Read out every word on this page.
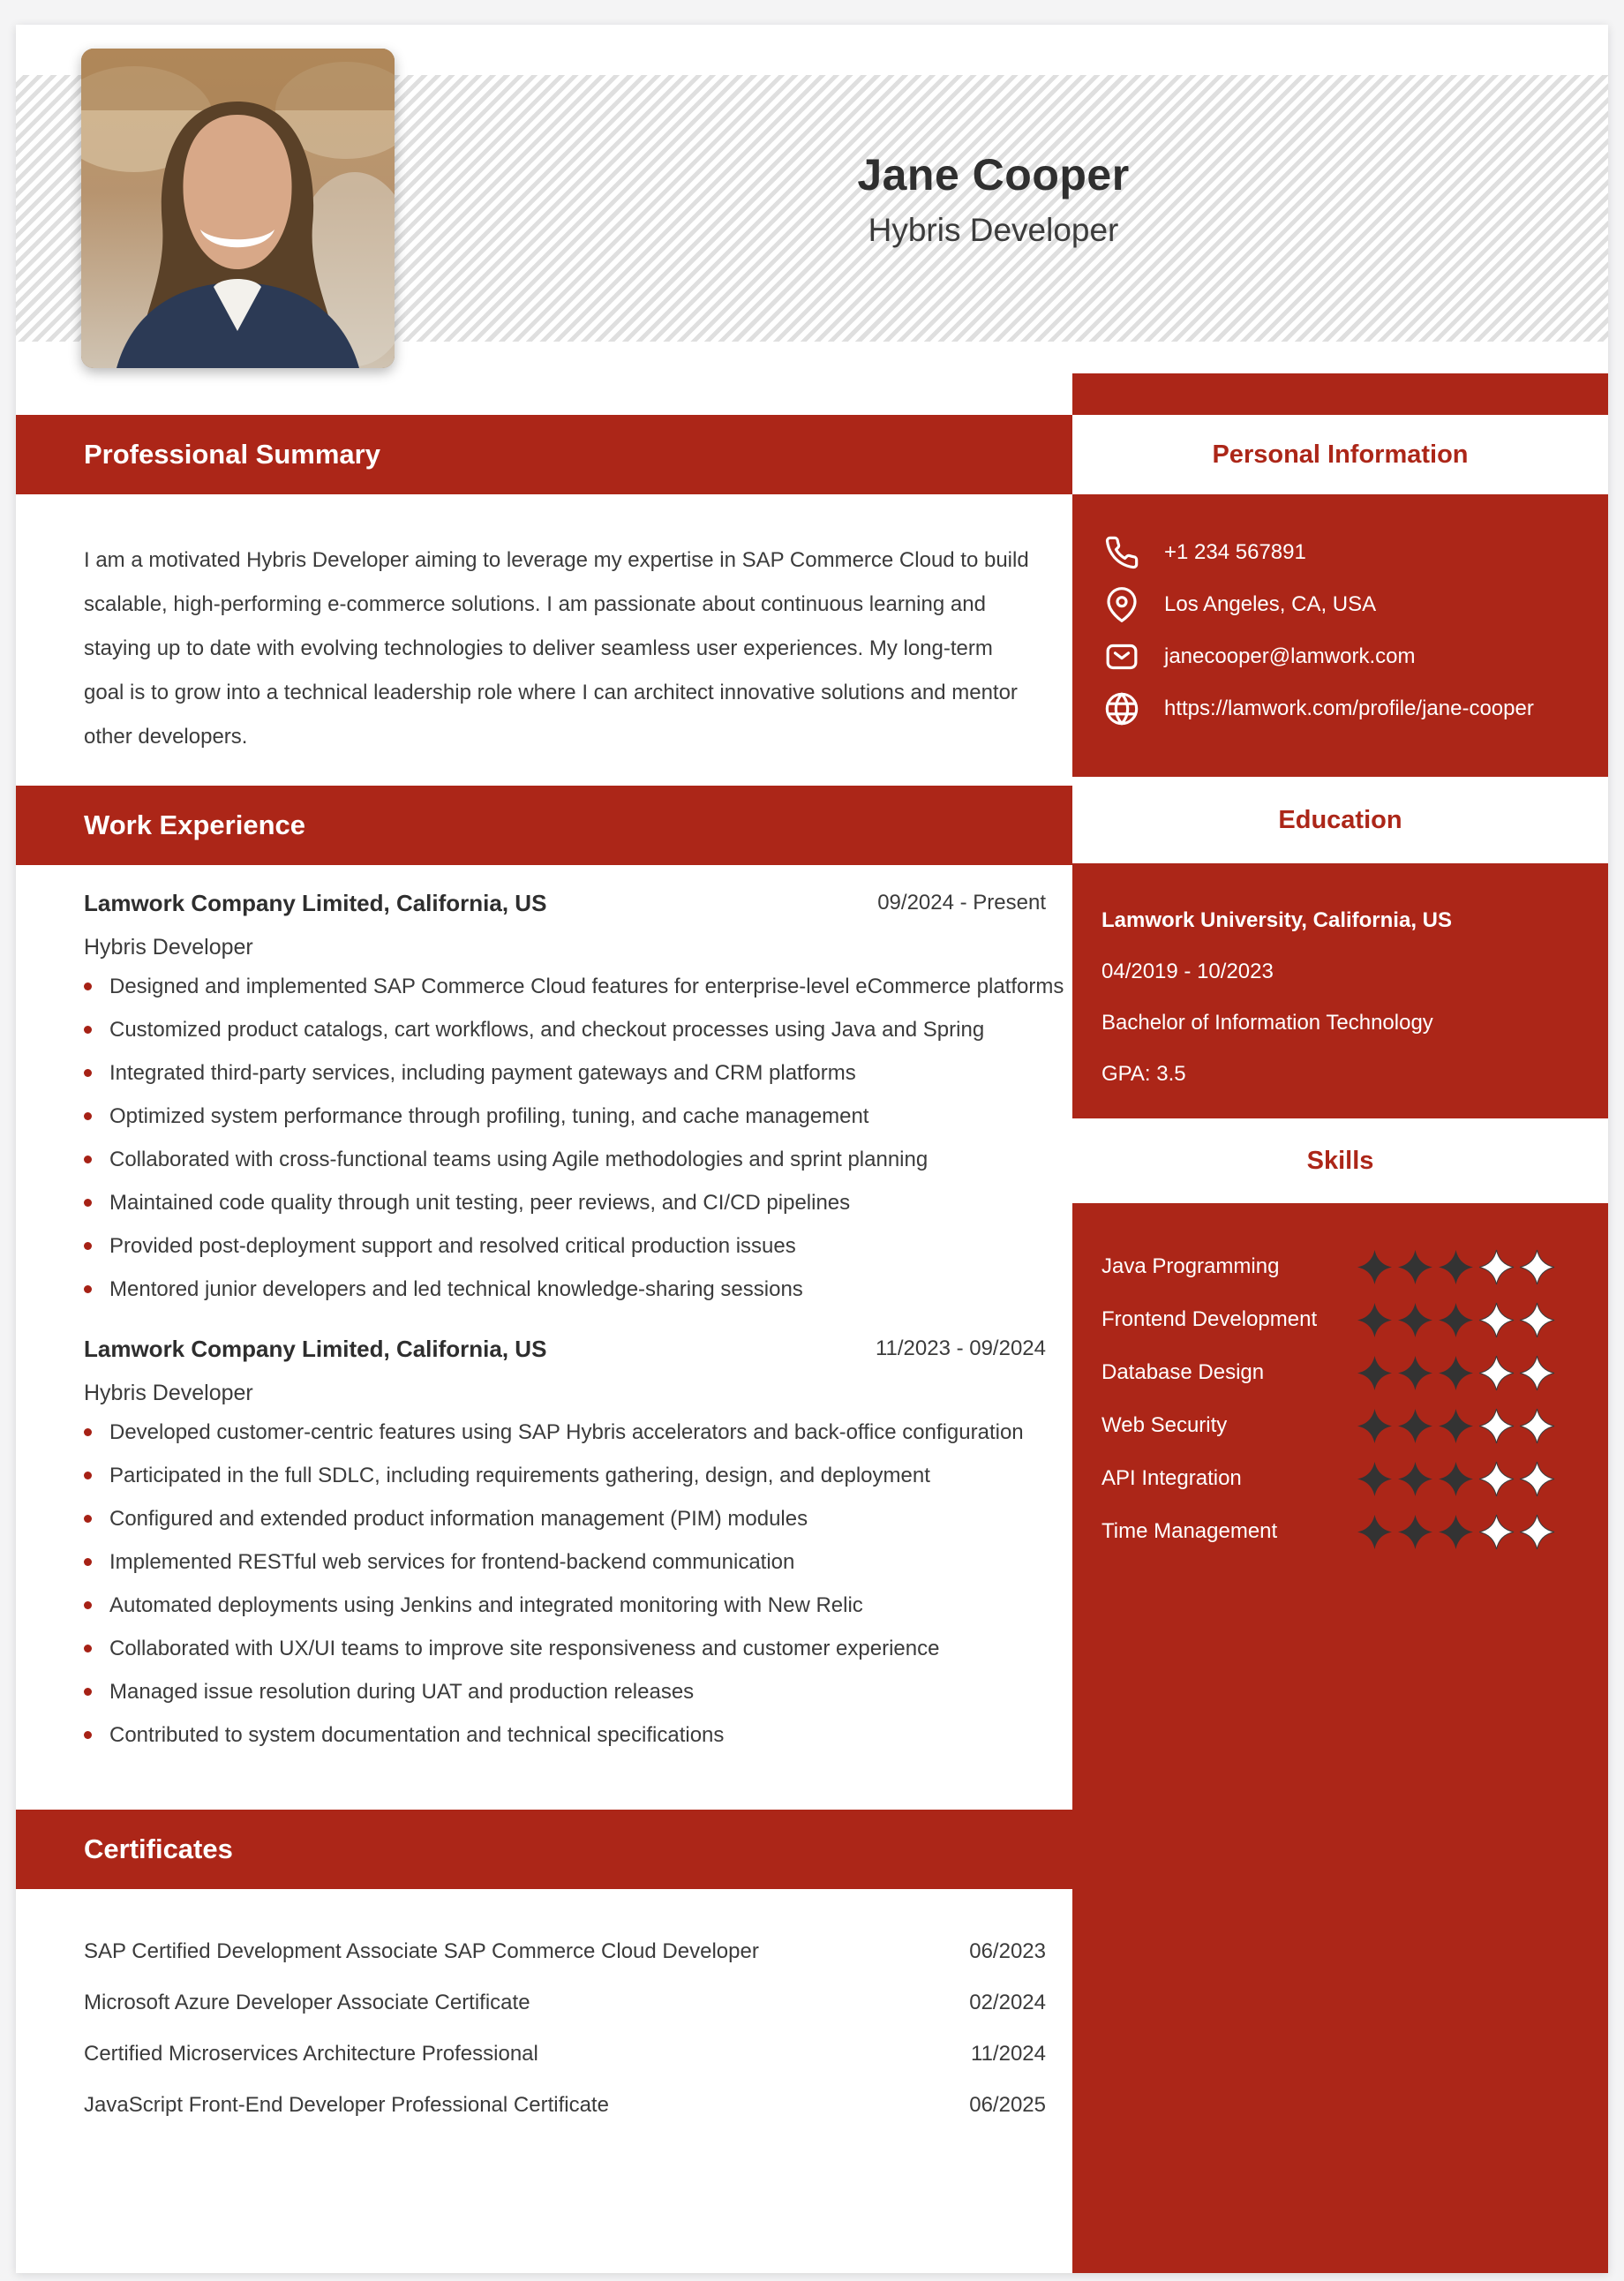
Jane Cooper
Hybris Developer
Professional Summary
I am a motivated Hybris Developer aiming to leverage my expertise in SAP Commerce Cloud to build scalable, high-performing e-commerce solutions. I am passionate about continuous learning and staying up to date with evolving technologies to deliver seamless user experiences. My long-term goal is to grow into a technical leadership role where I can architect innovative solutions and mentor other developers.
Work Experience
Lamwork Company Limited, California, US	09/2024 - Present
Hybris Developer
Designed and implemented SAP Commerce Cloud features for enterprise-level eCommerce platforms
Customized product catalogs, cart workflows, and checkout processes using Java and Spring
Integrated third-party services, including payment gateways and CRM platforms
Optimized system performance through profiling, tuning, and cache management
Collaborated with cross-functional teams using Agile methodologies and sprint planning
Maintained code quality through unit testing, peer reviews, and CI/CD pipelines
Provided post-deployment support and resolved critical production issues
Mentored junior developers and led technical knowledge-sharing sessions
Lamwork Company Limited, California, US	11/2023 - 09/2024
Hybris Developer
Developed customer-centric features using SAP Hybris accelerators and back-office configuration
Participated in the full SDLC, including requirements gathering, design, and deployment
Configured and extended product information management (PIM) modules
Implemented RESTful web services for frontend-backend communication
Automated deployments using Jenkins and integrated monitoring with New Relic
Collaborated with UX/UI teams to improve site responsiveness and customer experience
Managed issue resolution during UAT and production releases
Contributed to system documentation and technical specifications
Certificates
SAP Certified Development Associate SAP Commerce Cloud Developer	06/2023
Microsoft Azure Developer Associate Certificate	02/2024
Certified Microservices Architecture Professional	11/2024
JavaScript Front-End Developer Professional Certificate	06/2025
Personal Information
+1 234 567891
Los Angeles, CA, USA
janecooper@lamwork.com
https://lamwork.com/profile/jane-cooper
Education
Lamwork University, California, US
04/2019 - 10/2023
Bachelor of Information Technology
GPA: 3.5
Skills
Java Programming
Frontend Development
Database Design
Web Security
API Integration
Time Management
